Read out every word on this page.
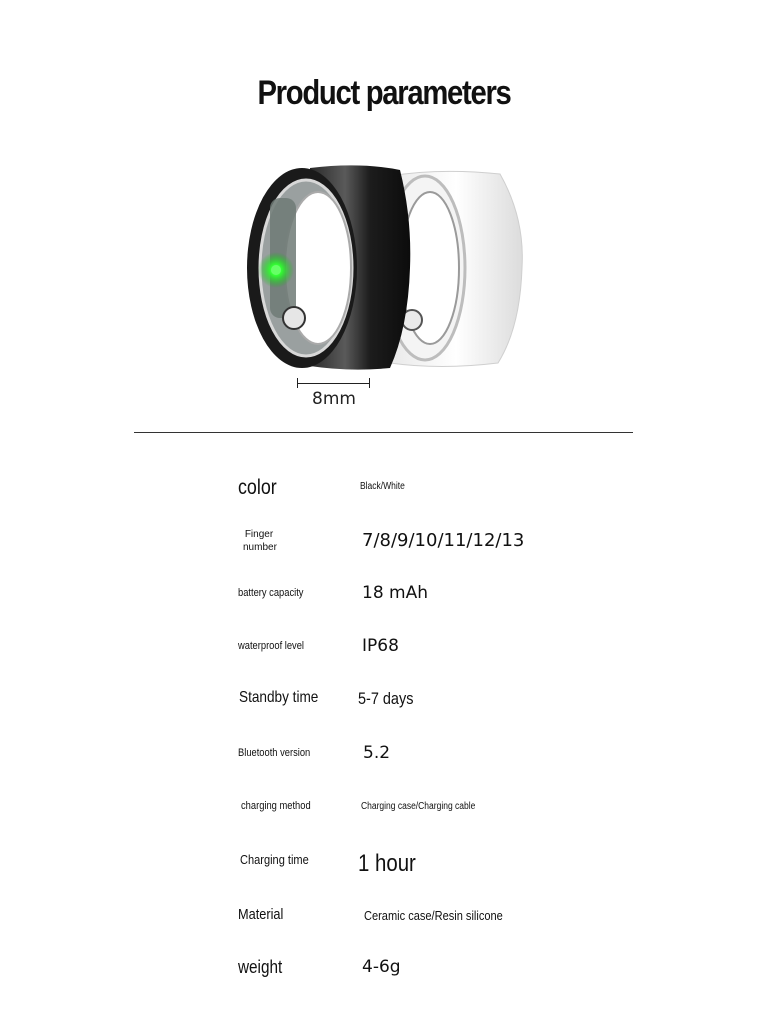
Product parameters
8mm
color	Black/White
Finger number	7/8/9/10/11/12/13
battery capacity	18 mAh
waterproof level	IP68
Standby time 5-7 days
Bluetooth version	5.2
charging method	Charging case/Charging cable
Charging time 1 hour
Material	Ceramic case/Resin silicone
weight	4-6g
